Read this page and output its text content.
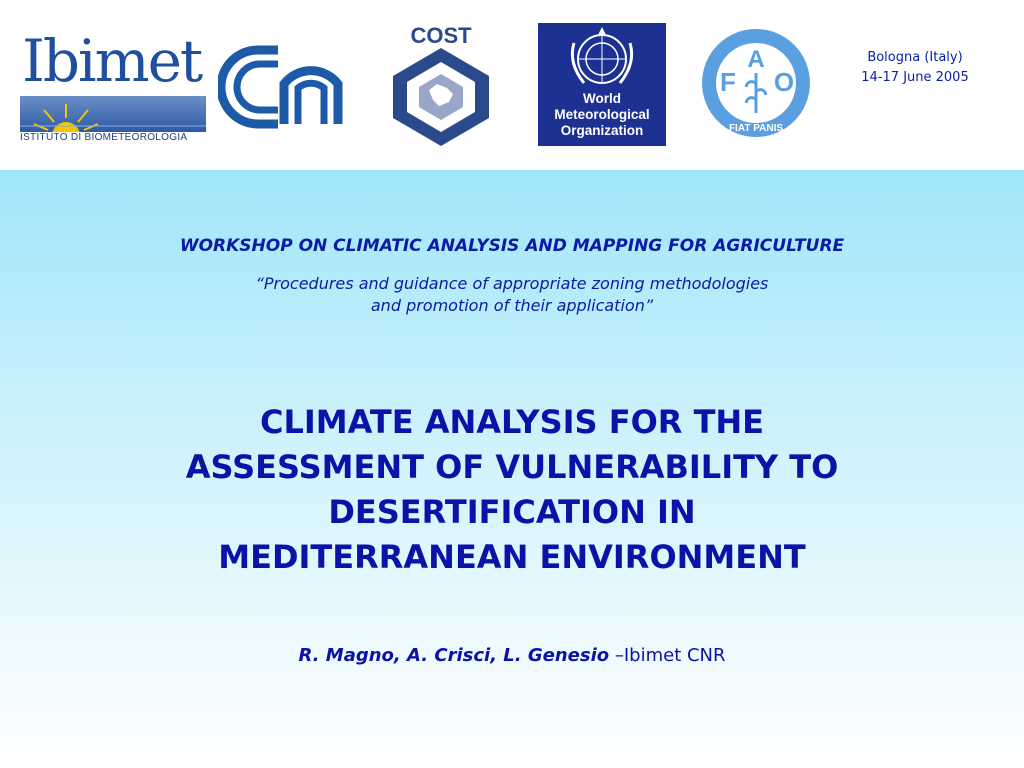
Ibimet
ISTITUTO DI BIOMETEOROLOGIA
COST
World
Meteorological
Organization
F
A
O
FIAT PANIS
Bologna (Italy)
14-17 June 2005
WORKSHOP ON CLIMATIC ANALYSIS AND MAPPING FOR AGRICULTURE
“Procedures and guidance of appropriate zoning methodologies
and promotion of their application”
CLIMATE ANALYSIS FOR THE
ASSESSMENT OF VULNERABILITY TO
DESERTIFICATION IN
MEDITERRANEAN ENVIRONMENT
R. Magno, A. Crisci, L. Genesio –Ibimet CNR
